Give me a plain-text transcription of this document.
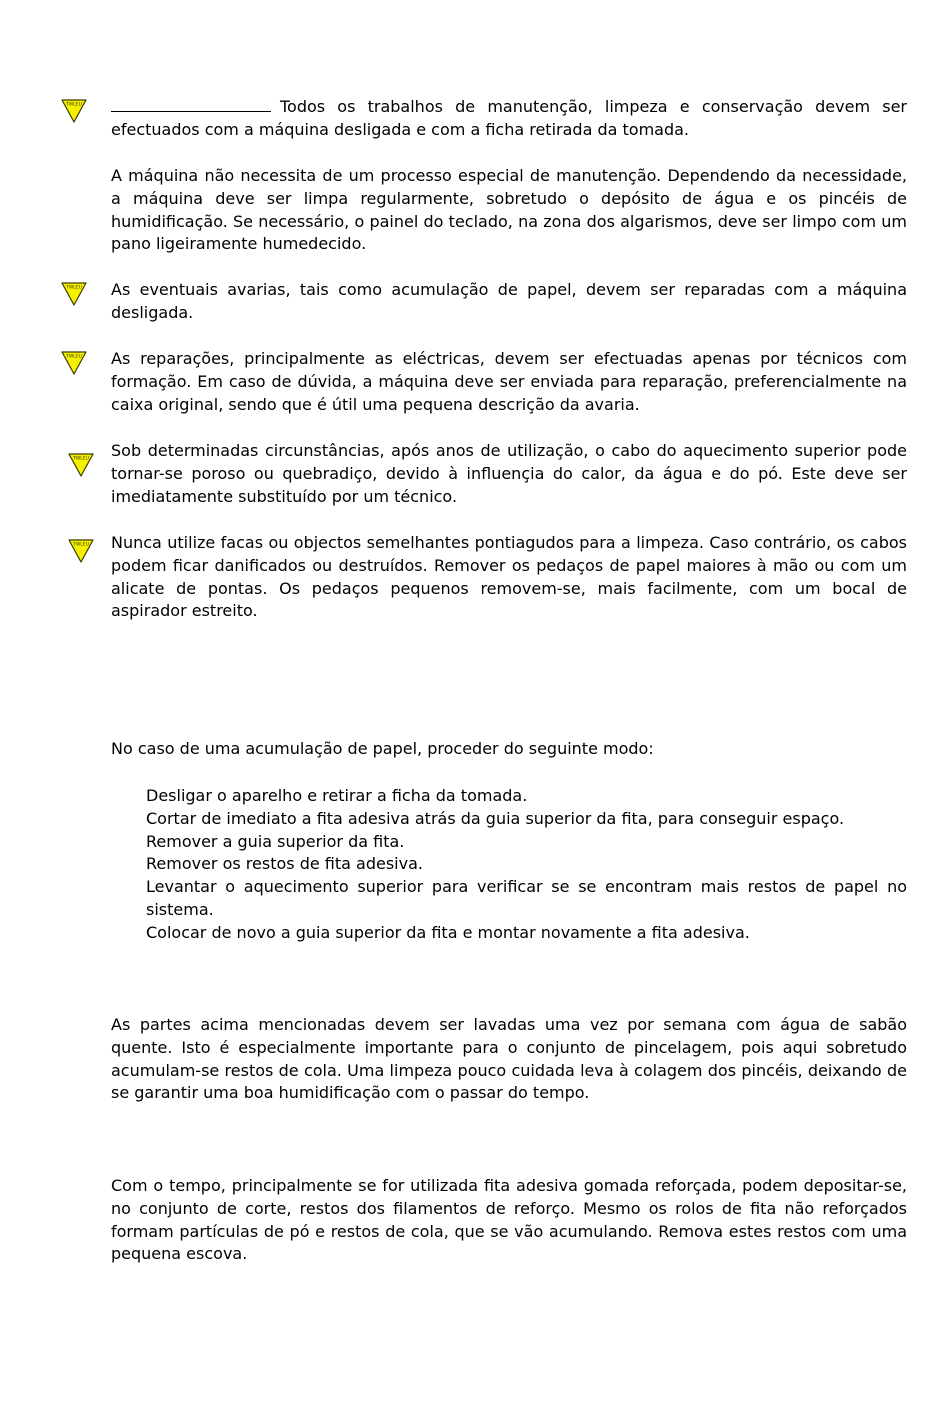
TWLEU
TWLEU
TWLEU
TWLEU
TWLEU

Todos os trabalhos de manutenção, limpeza e conservação devem ser efectuados com a máquina desligada e com a ficha retirada da tomada.

A máquina não necessita de um processo especial de manutenção. Dependendo da necessidade, a máquina deve ser limpa regularmente, sobretudo o depósito de água e os pincéis de humidificação. Se necessário, o painel do teclado, na zona dos algarismos, deve ser limpo com um pano ligeiramente humedecido.

As eventuais avarias, tais como acumulação de papel, devem ser reparadas com a máquina desligada.

As reparações, principalmente as eléctricas, devem ser efectuadas apenas por técnicos com formação. Em caso de dúvida, a máquina deve ser enviada para reparação, preferencialmente na caixa original, sendo que é útil uma pequena descrição da avaria.

Sob determinadas circunstâncias, após anos de utilização, o cabo do aquecimento superior pode tornar-se poroso ou quebradiço, devido à influençia do calor, da água e do pó. Este deve ser imediatamente substituído por um técnico.

Nunca utilize facas ou objectos semelhantes pontiagudos para a limpeza. Caso contrário, os cabos podem ficar danificados ou destruídos. Remover os pedaços de papel maiores à mão ou com um alicate de pontas. Os pedaços pequenos removem-se, mais facilmente, com um bocal de aspirador estreito.

No caso de uma acumulação de papel, proceder do seguinte modo:

Desligar o aparelho e retirar a ficha da tomada.
Cortar de imediato a fita adesiva atrás da guia superior da fita, para conseguir espaço.
Remover a guia superior da fita.
Remover os restos de fita adesiva.
Levantar o aquecimento superior para verificar se se encontram mais restos de papel no sistema.
Colocar de novo a guia superior da fita e montar novamente a fita adesiva.

As partes acima mencionadas devem ser lavadas uma vez por semana com água de sabão quente. Isto é especialmente importante para o conjunto de pincelagem, pois aqui sobretudo acumulam-se restos de cola. Uma limpeza pouco cuidada leva à colagem dos pincéis, deixando de se garantir uma boa humidificação com o passar do tempo.

Com o tempo, principalmente se for utilizada fita adesiva gomada reforçada, podem depositar-se, no conjunto de corte, restos dos filamentos de reforço. Mesmo os rolos de fita não reforçados formam partículas de pó e restos de cola, que se vão acumulando. Remova estes restos com uma pequena escova.
